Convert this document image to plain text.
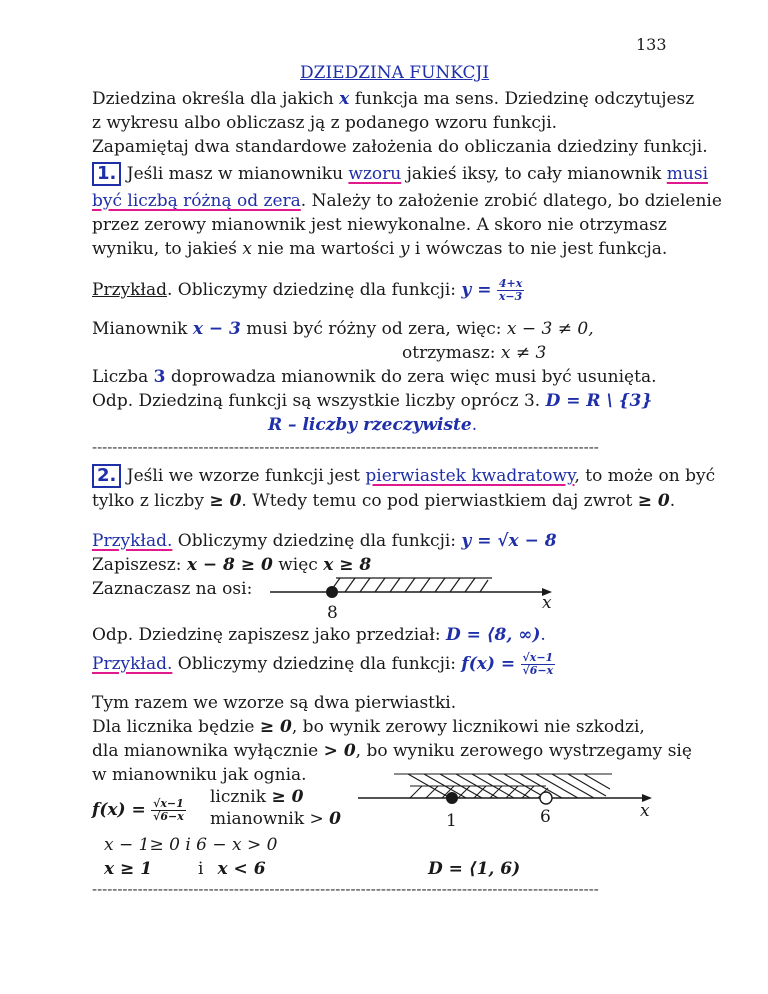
133
DZIEDZINA FUNKCJI
Dziedzina określa dla jakich x funkcja ma sens. Dziedzinę odczytujesz
z wykresu albo obliczasz ją z podanego wzoru funkcji.
Zapamiętaj dwa standardowe założenia do obliczania dziedziny funkcji.
1. Jeśli masz w mianowniku wzoru jakieś iksy, to cały mianownik musi
być liczbą różną od zera. Należy to założenie zrobić dlatego, bo dzielenie
przez zerowy mianownik jest niewykonalne. A skoro nie otrzymasz
wyniku, to jakieś x nie ma wartości y i wówczas to nie jest funkcja.
Przykład. Obliczymy dziedzinę dla funkcji: $y = \frac{4+x}{x-3}$
Mianownik x − 3 musi być różny od zera, więc: x − 3 ≠ 0,
otrzymasz: x ≠ 3
Liczba 3 doprowadza mianownik do zera więc musi być usunięta.
Odp. Dziedziną funkcji są wszystkie liczby oprócz 3. D = R \ {3}
R – liczby rzeczywiste.
----------------------------------------------------------------------------------------------------
2. Jeśli we wzorze funkcji jest pierwiastek kwadratowy, to może on być
tylko z liczby ≥ 0. Wtedy temu co pod pierwiastkiem daj zwrot ≥ 0.
Przykład. Obliczymy dziedzinę dla funkcji: y = √x − 8
Zapiszesz: x − 8 ≥ 0 więc x ≥ 8
Zaznaczasz na osi:
8	x
Odp. Dziedzinę zapiszesz jako przedział: D = ⟨8, ∞).
Przykład. Obliczymy dziedzinę dla funkcji: $f(x) = \frac{√x-1}{√6-x}$
Tym razem we wzorze są dwa pierwiastki.
Dla licznika będzie ≥ 0, bo wynik zerowy licznikowi nie szkodzi,
dla mianownika wyłącznie > 0, bo wyniku zerowego wystrzegamy się
w mianowniku jak ognia.
$f(x) = \frac{√x-1}{√6-x}$
licznik ≥ 0
mianownik > 0
x − 1≥ 0 i 6 − x > 0
x ≥ 1	i x < 6
1	6	x
D = ⟨1, 6)
----------------------------------------------------------------------------------------------------
